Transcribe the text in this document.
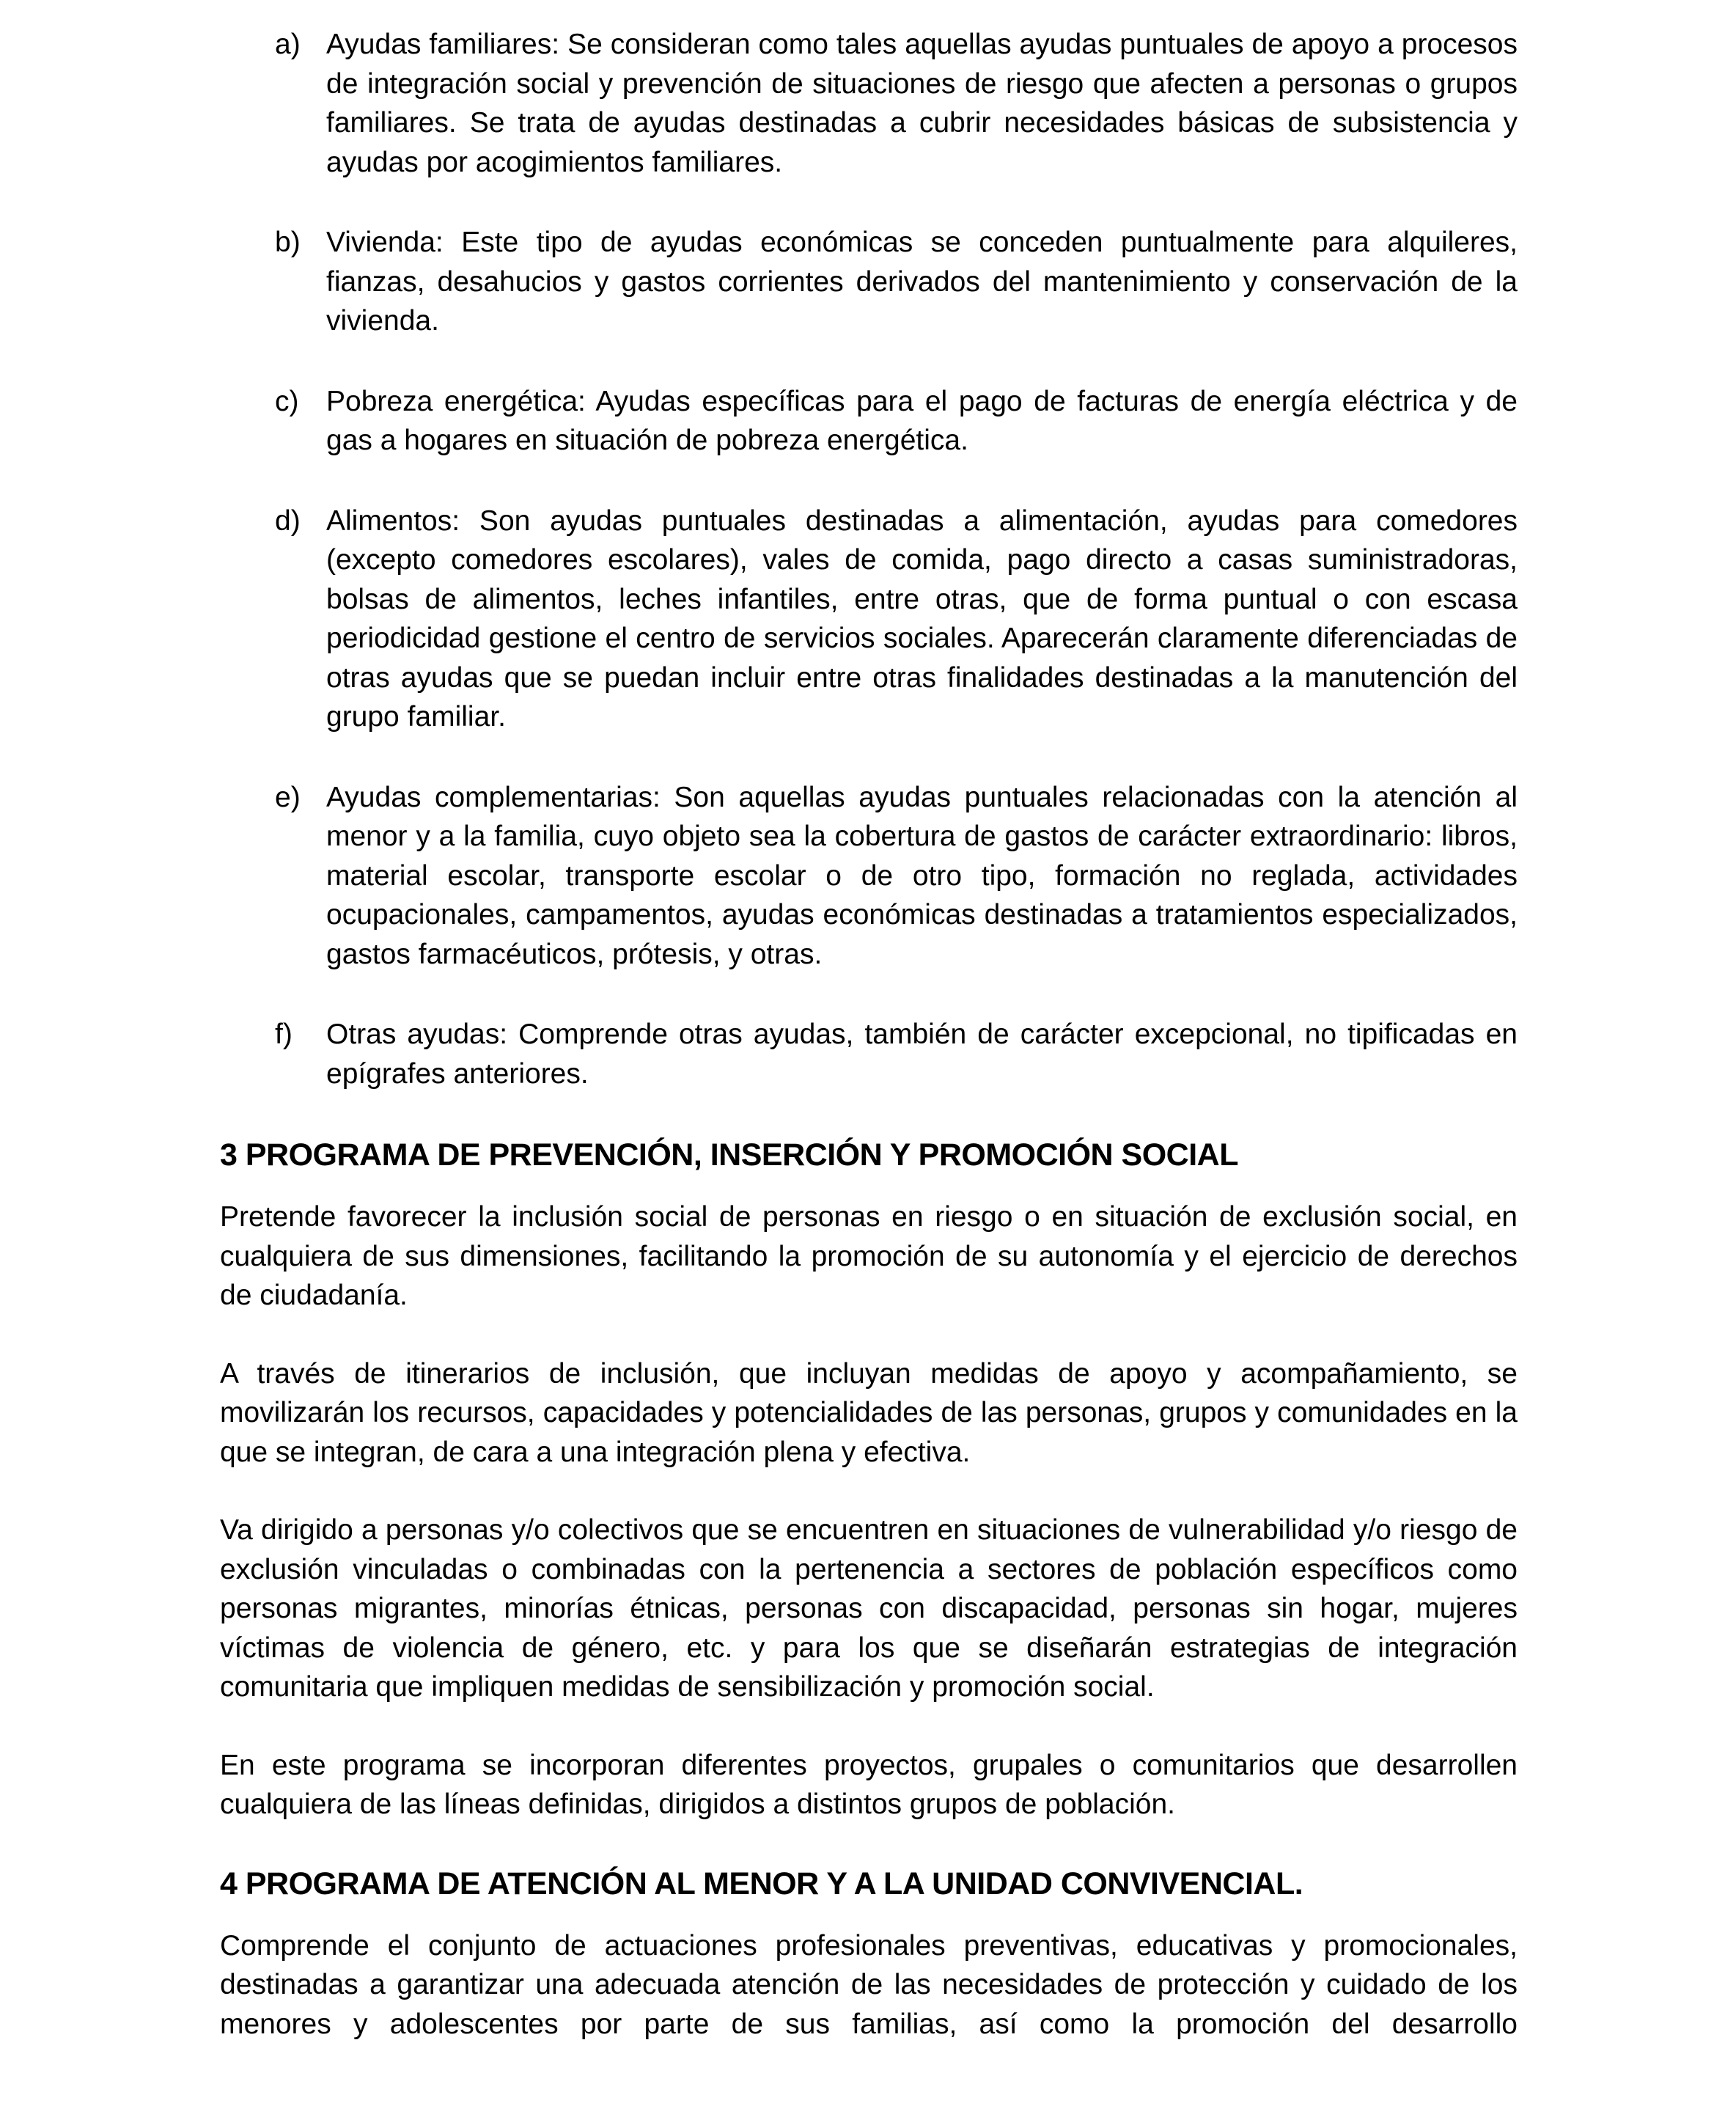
a) Ayudas familiares: Se consideran como tales aquellas ayudas puntuales de apoyo a procesos de integración social y prevención de situaciones de riesgo que afecten a personas o grupos familiares. Se trata de ayudas destinadas a cubrir necesidades básicas de subsistencia y ayudas por acogimientos familiares.

b) Vivienda: Este tipo de ayudas económicas se conceden puntualmente para alquileres, fianzas, desahucios y gastos corrientes derivados del mantenimiento y conservación de la vivienda.

c) Pobreza energética: Ayudas específicas para el pago de facturas de energía eléctrica y de gas a hogares en situación de pobreza energética.

d) Alimentos: Son ayudas puntuales destinadas a alimentación, ayudas para comedores (excepto comedores escolares), vales de comida, pago directo a casas suministradoras, bolsas de alimentos, leches infantiles, entre otras, que de forma puntual o con escasa periodicidad gestione el centro de servicios sociales. Aparecerán claramente diferenciadas de otras ayudas que se puedan incluir entre otras finalidades destinadas a la manutención del grupo familiar.

e) Ayudas complementarias: Son aquellas ayudas puntuales relacionadas con la atención al menor y a la familia, cuyo objeto sea la cobertura de gastos de carácter extraordinario: libros, material escolar, transporte escolar o de otro tipo, formación no reglada, actividades ocupacionales, campamentos, ayudas económicas destinadas a tratamientos especializados, gastos farmacéuticos, prótesis, y otras.

f) Otras ayudas: Comprende otras ayudas, también de carácter excepcional, no tipificadas en epígrafes anteriores.

3 PROGRAMA DE PREVENCIÓN, INSERCIÓN Y PROMOCIÓN SOCIAL

Pretende favorecer la inclusión social de personas en riesgo o en situación de exclusión social, en cualquiera de sus dimensiones, facilitando la promoción de su autonomía y el ejercicio de derechos de ciudadanía.

A través de itinerarios de inclusión, que incluyan medidas de apoyo y acompañamiento, se movilizarán los recursos, capacidades y potencialidades de las personas, grupos y comunidades en la que se integran, de cara a una integración plena y efectiva.

Va dirigido a personas y/o colectivos que se encuentren en situaciones de vulnerabilidad y/o riesgo de exclusión vinculadas o combinadas con la pertenencia a sectores de población específicos como personas migrantes, minorías étnicas, personas con discapacidad, personas sin hogar, mujeres víctimas de violencia de género, etc. y para los que se diseñarán estrategias de integración comunitaria que impliquen medidas de sensibilización y promoción social.

En este programa se incorporan diferentes proyectos, grupales o comunitarios que desarrollen cualquiera de las líneas definidas, dirigidos a distintos grupos de población.

4 PROGRAMA DE ATENCIÓN AL MENOR Y A LA UNIDAD CONVIVENCIAL.

Comprende el conjunto de actuaciones profesionales preventivas, educativas y promocionales, destinadas a garantizar una adecuada atención de las necesidades de protección y cuidado de los menores y adolescentes por parte de sus familias, así como la promoción del desarrollo
